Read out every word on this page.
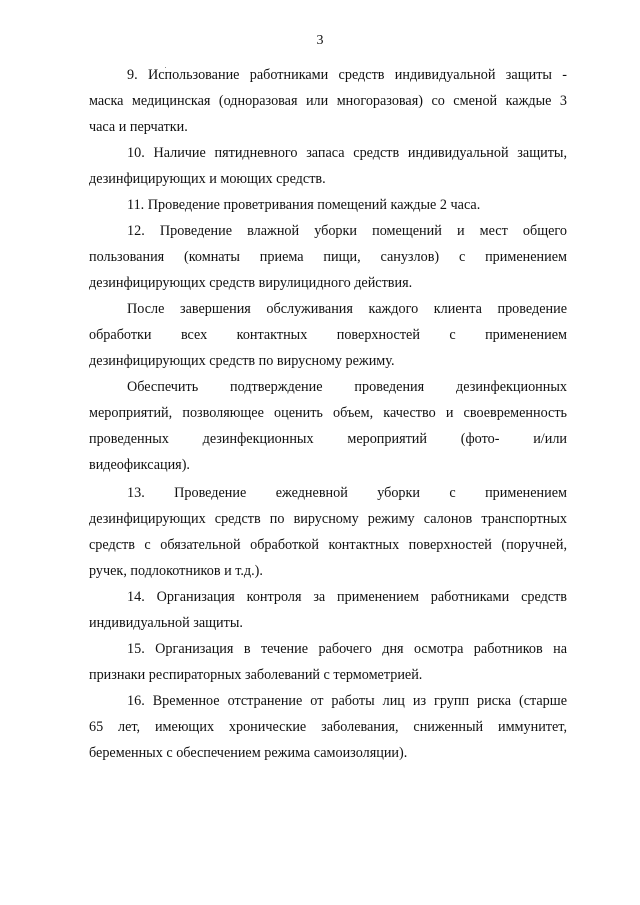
3
9. Использование работниками средств индивидуальной защиты -
маска медицинская (одноразовая или многоразовая) со сменой каждые 3
часа и перчатки.
10. Наличие пятидневного запаса средств индивидуальной защиты,
дезинфицирующих и моющих средств.
11. Проведение проветривания помещений каждые 2 часа.
12. Проведение влажной уборки помещений и мест общего
пользования (комнаты приема пищи, санузлов) с применением
дезинфицирующих средств вирулицидного действия.
После завершения обслуживания каждого клиента проведение
обработки всех контактных поверхностей с применением
дезинфицирующих средств по вирусному режиму.
Обеспечить подтверждение проведения дезинфекционных
мероприятий, позволяющее оценить объем, качество и своевременность
проведенных дезинфекционных мероприятий (фото- и/или
видеофиксация).
13. Проведение ежедневной уборки с применением
дезинфицирующих средств по вирусному режиму салонов транспортных
средств с обязательной обработкой контактных поверхностей (поручней,
ручек, подлокотников и т.д.).
14. Организация контроля за применением работниками средств
индивидуальной защиты.
15. Организация в течение рабочего дня осмотра работников на
признаки респираторных заболеваний с термометрией.
16. Временное отстранение от работы лиц из групп риска (старше
65 лет, имеющих хронические заболевания, сниженный иммунитет,
беременных с обеспечением режима самоизоляции).
